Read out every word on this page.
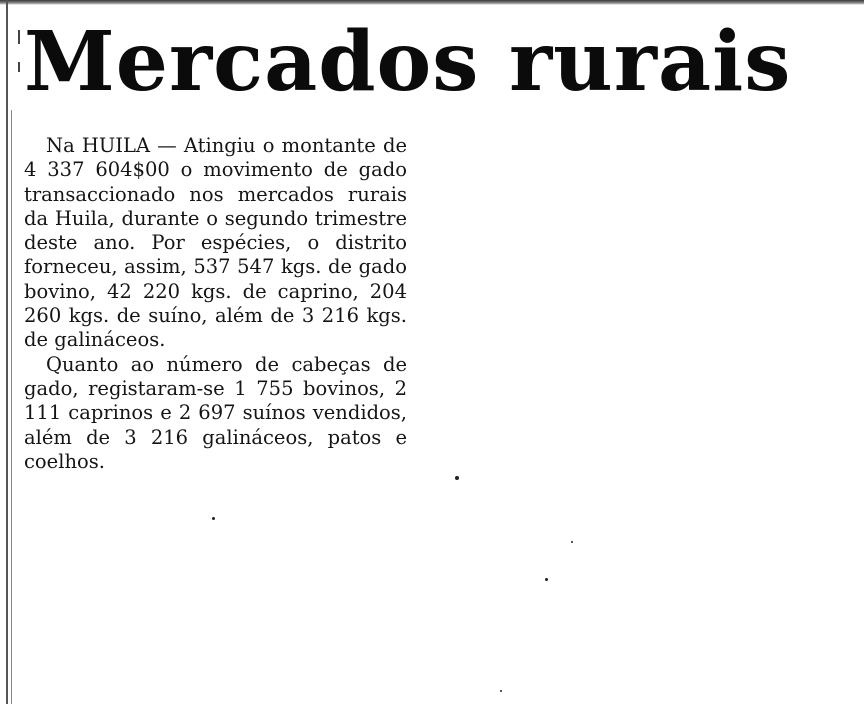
Mercados rurais

Na HUILA — Atingiu o montante de 4 337 604$00 o movimento de gado transaccionado nos mercados rurais da Huila, durante o segundo trimestre deste ano. Por espécies, o distrito forneceu, assim, 537 547 kgs. de gado bovino, 42 220 kgs. de caprino, 204 260 kgs. de suíno, além de 3 216 kgs. de galináceos.

Quanto ao número de cabeças de gado, registaram-se 1 755 bovinos, 2 111 caprinos e 2 697 suínos vendidos, além de 3 216 galináceos, patos e coelhos.
